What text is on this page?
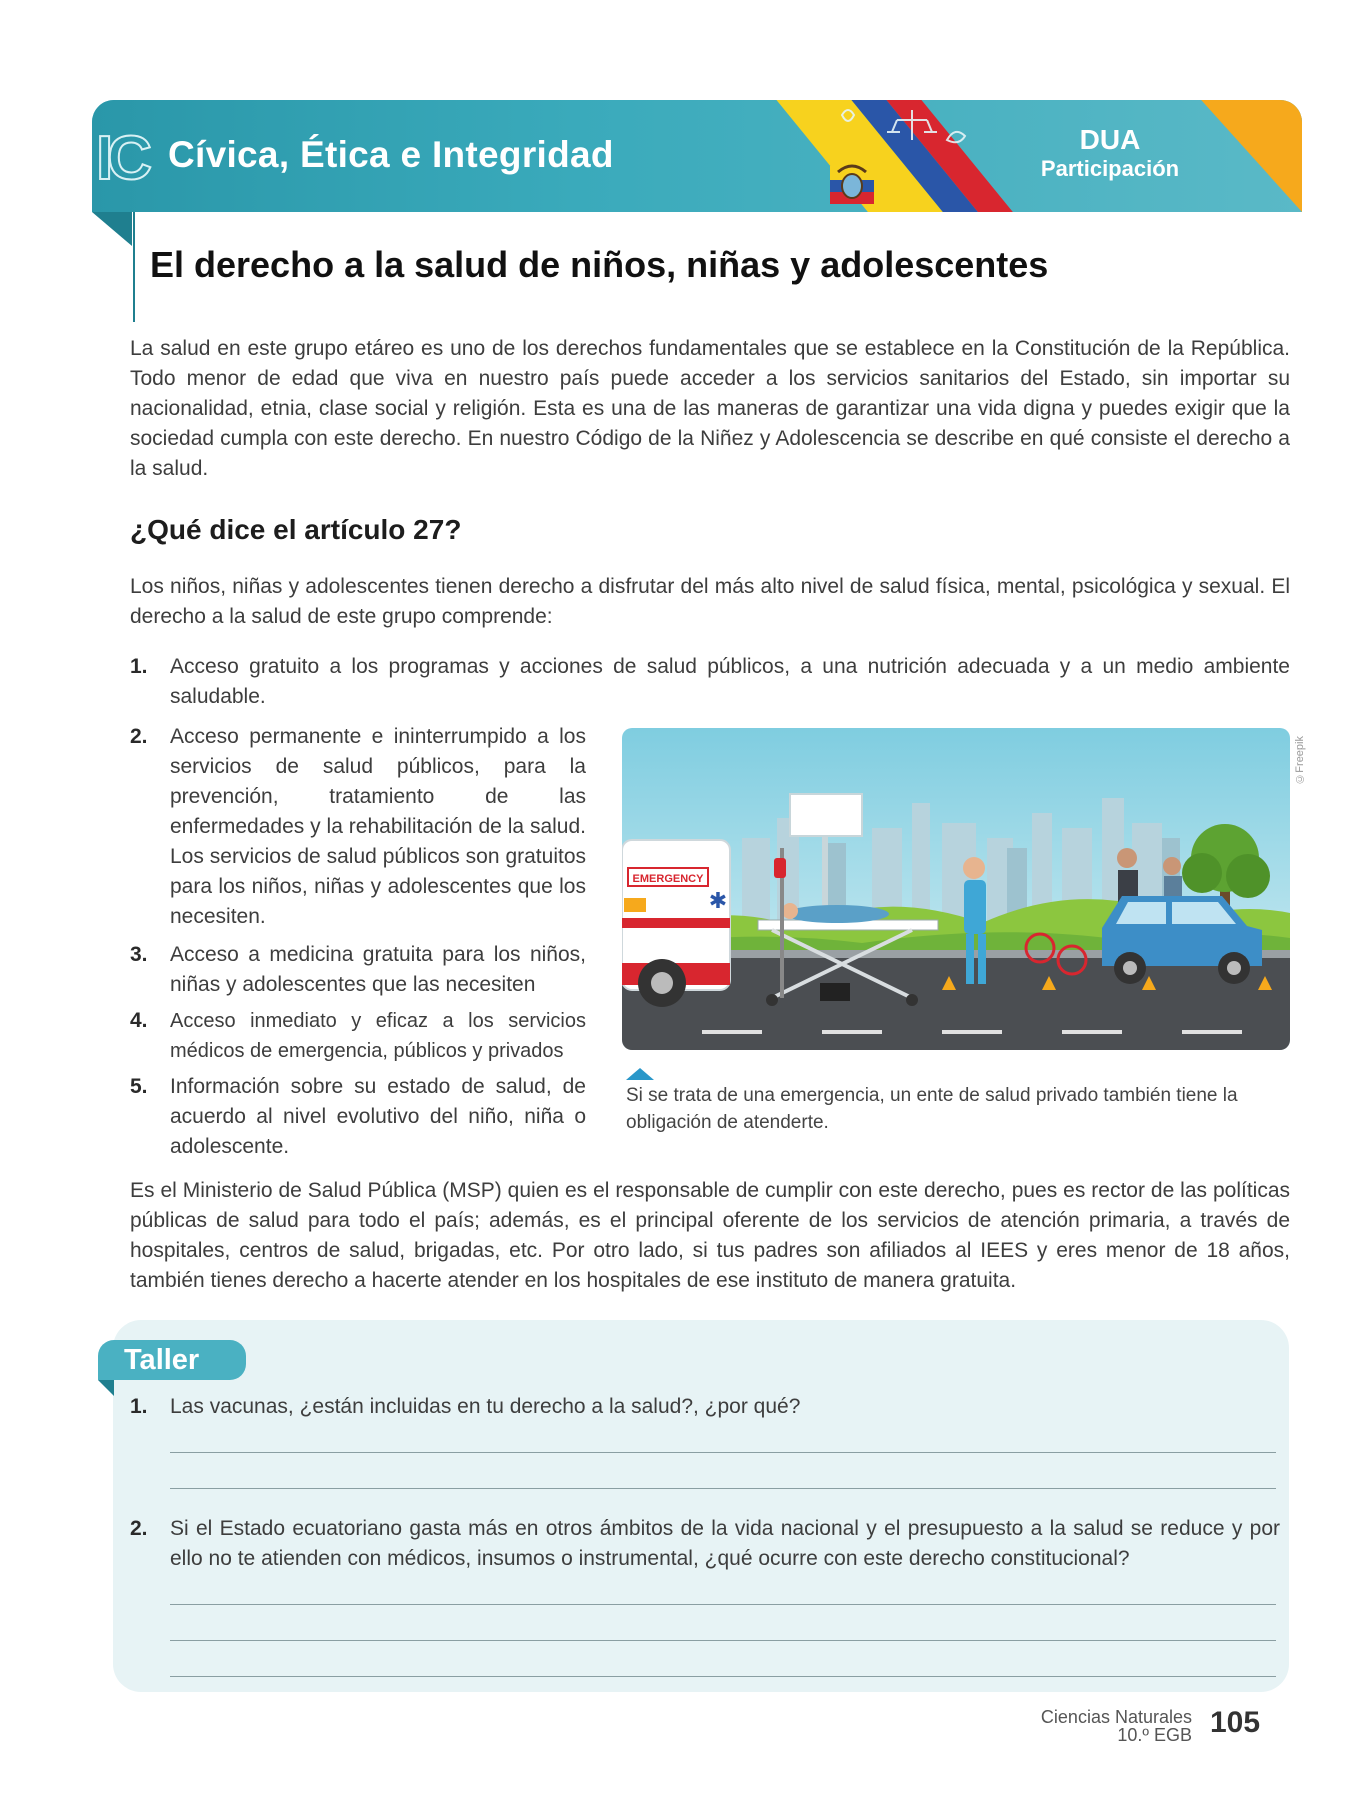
IC Cívica, Ética e Integridad	DUA
Participación
El derecho a la salud de niños, niñas y adolescentes

La salud en este grupo etáreo es uno de los derechos fundamentales que se establece en la Constitución de la República. Todo menor de edad que viva en nuestro país puede acceder a los servicios sanitarios del Estado, sin importar su nacionalidad, etnia, clase social y religión. Esta es una de las maneras de garantizar una vida digna y puedes exigir que la sociedad cumpla con este derecho. En nuestro Código de la Niñez y Adolescencia se describe en qué consiste el derecho a la salud.

¿Qué dice el artículo 27?

Los niños, niñas y adolescentes tienen derecho a disfrutar del más alto nivel de salud física, mental, psicológica y sexual. El derecho a la salud de este grupo comprende:

1. Acceso gratuito a los programas y acciones de salud públicos, a una nutrición adecuada y a un medio ambiente saludable.
2. Acceso permanente e ininterrumpido a los servicios de salud públicos, para la prevención, tratamiento de las enfermedades y la rehabilitación de la salud. Los servicios de salud públicos son gratuitos para los niños, niñas y adolescentes que los necesiten.
3. Acceso a medicina gratuita para los niños, niñas y adolescentes que las necesiten
4. Acceso inmediato y eficaz a los servicios médicos de emergencia, públicos y privados
5. Información sobre su estado de salud, de acuerdo al nivel evolutivo del niño, niña o adolescente.
EMERGENCY
✱
©Freepik
Si se trata de una emergencia, un ente de salud privado también tiene la obligación de atenderte.

Es el Ministerio de Salud Pública (MSP) quien es el responsable de cumplir con este derecho, pues es rector de las políticas públicas de salud para todo el país; además, es el principal oferente de los servicios de atención primaria, a través de hospitales, centros de salud, brigadas, etc. Por otro lado, si tus padres son afiliados al IEES y eres menor de 18 años, también tienes derecho a hacerte atender en los hospitales de ese instituto de manera gratuita.

Taller
1. Las vacunas, ¿están incluidas en tu derecho a la salud?, ¿por qué?
2. Si el Estado ecuatoriano gasta más en otros ámbitos de la vida nacional y el presupuesto a la salud se reduce y por ello no te atienden con médicos, insumos o instrumental, ¿qué ocurre con este derecho constitucional?
Ciencias Naturales
10.º EGB 105
